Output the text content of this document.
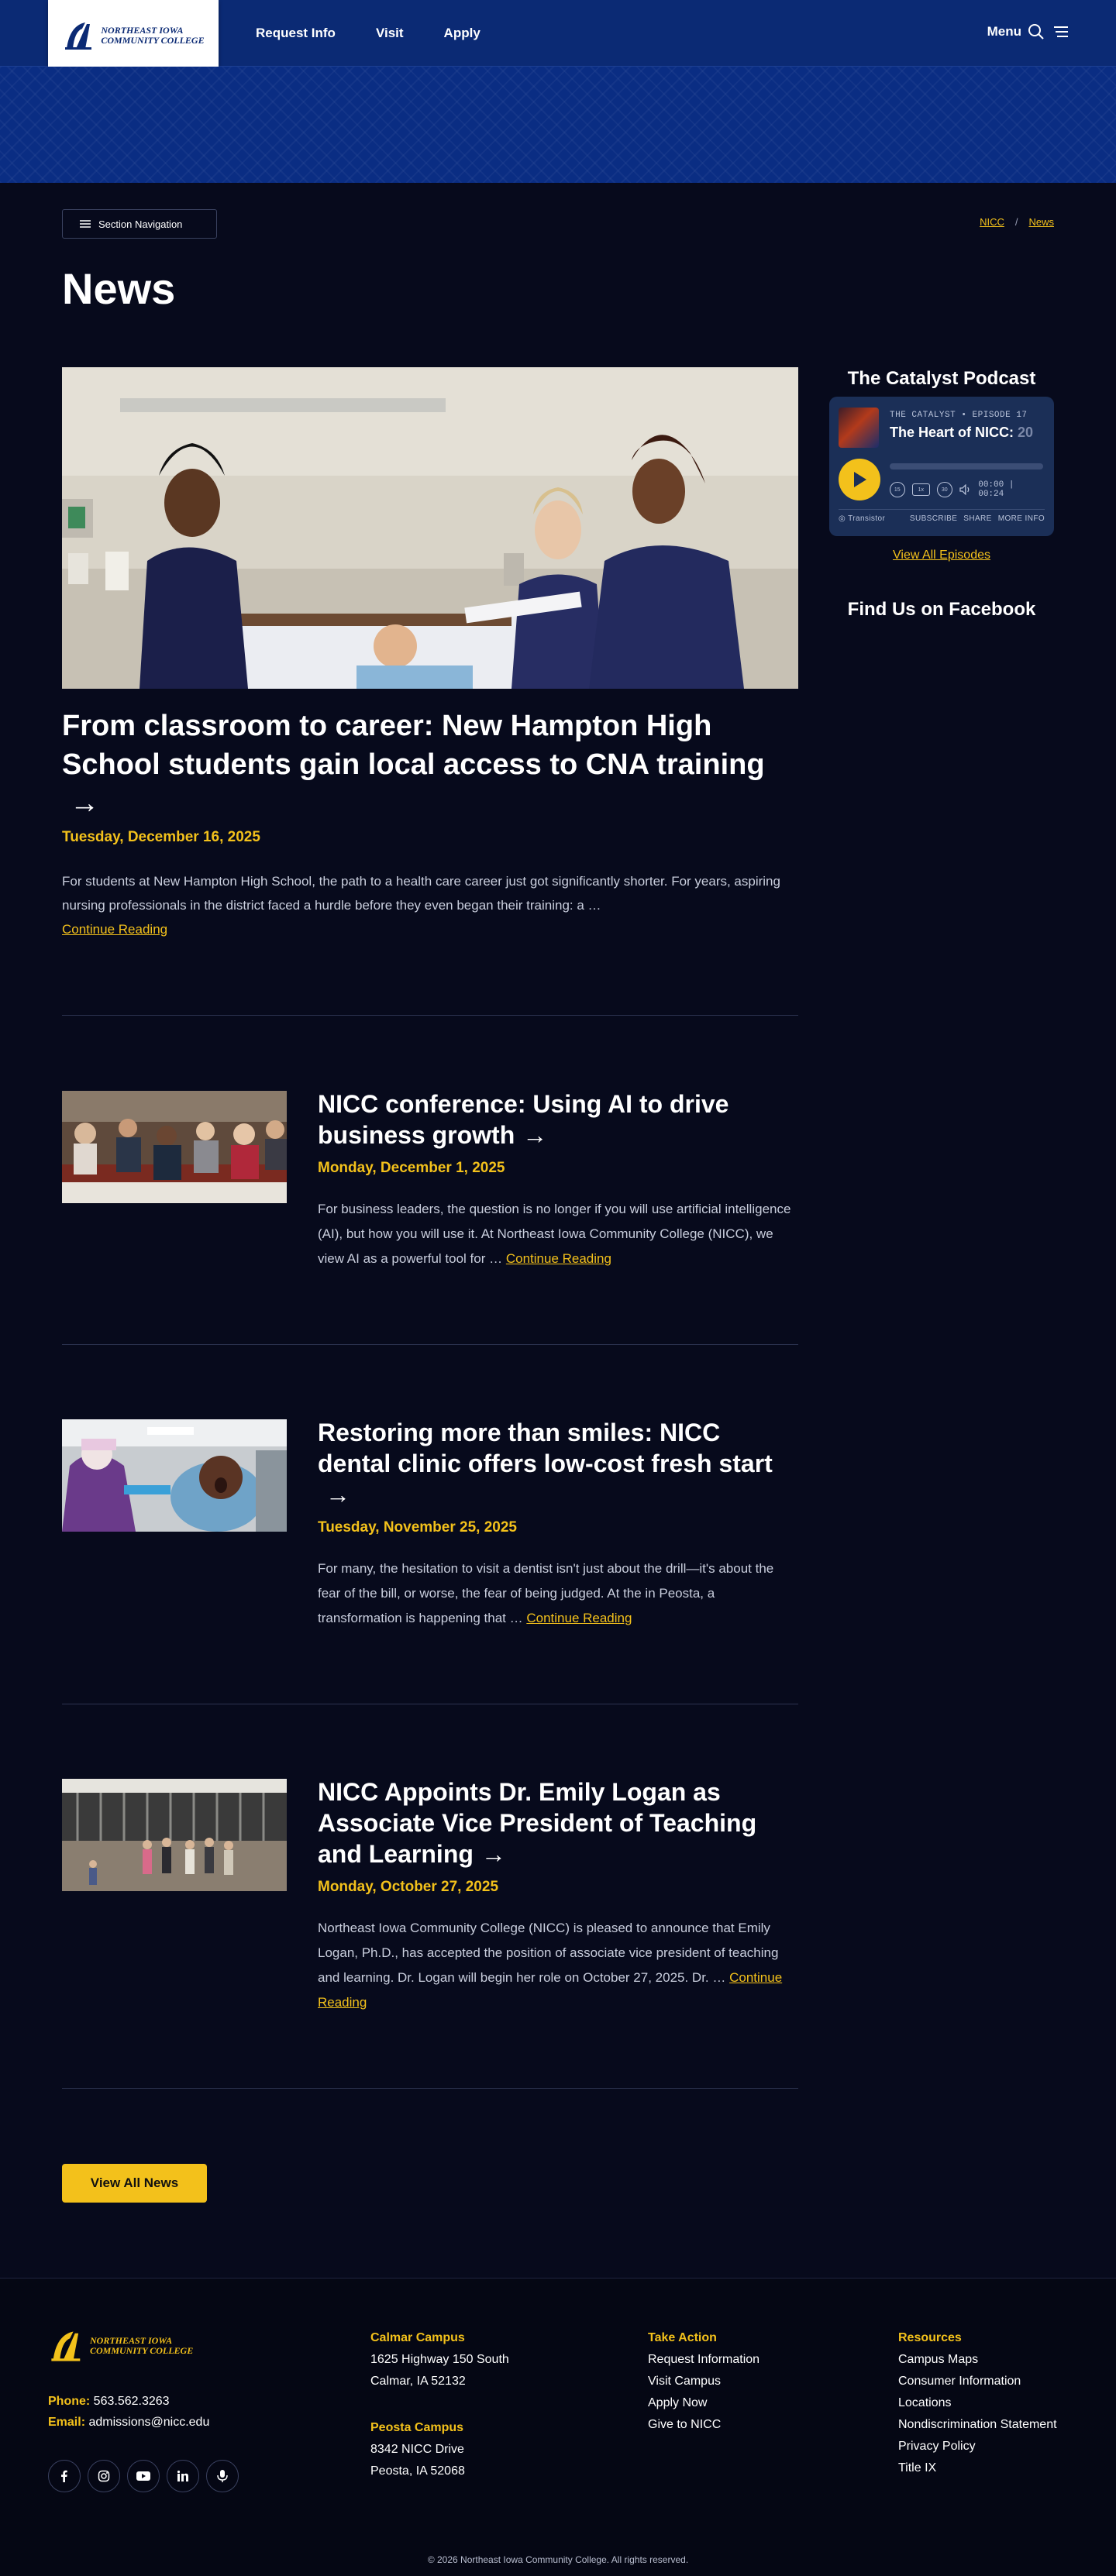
NORTHEAST IOWA
COMMUNITY COLLEGE	Request Info	Visit	Apply	Menu
Section Navigation	NICC / News
News
From classroom to career: New Hampton High School students gain local access to CNA training→
Tuesday, December 16, 2025

For students at New Hampton High School, the path to a health care career just got significantly shorter. For years, aspiring nursing professionals in the district faced a hurdle before they even began their training: a …
Continue Reading

NICC conference: Using AI to drive business growth →
Monday, December 1, 2025

For business leaders, the question is no longer if you will use artificial intelligence (AI), but how you will use it. At Northeast Iowa Community College (NICC), we view AI as a powerful tool for … Continue Reading

Restoring more than smiles: NICC dental clinic offers low-cost fresh start→
Tuesday, November 25, 2025

For many, the hesitation to visit a dentist isn't just about the drill—it's about the fear of the bill, or worse, the fear of being judged. At the in Peosta, a transformation is happening that … Continue Reading

NICC Appoints Dr. Emily Logan as Associate Vice President of Teaching and Learning →
Monday, October 27, 2025

Northeast Iowa Community College (NICC) is pleased to announce that Emily Logan, Ph.D., has accepted the position of associate vice president of teaching and learning. Dr. Logan will begin her role on October 27, 2025. Dr. … Continue Reading

View All News
The Catalyst Podcast
THE CATALYST • EPISODE 17
The Heart of NICC: 20
15	1x	30	00:00 | 00:24
◎ Transistor	SUBSCRIBE SHARE MORE INFO
View All Episodes
Find Us on Facebook
NORTHEAST IOWA
COMMUNITY COLLEGE
Phone: 563.562.3263
Email: admissions@nicc.edu
Calmar Campus
1625 Highway 150 South
Calmar, IA 52132
Peosta Campus
8342 NICC Drive
Peosta, IA 52068
Take Action
Request Information
Visit Campus
Apply Now
Give to NICC
Resources
Campus Maps
Consumer Information
Locations
Nondiscrimination Statement
Privacy Policy
Title IX
© 2026 Northeast Iowa Community College. All rights reserved.
